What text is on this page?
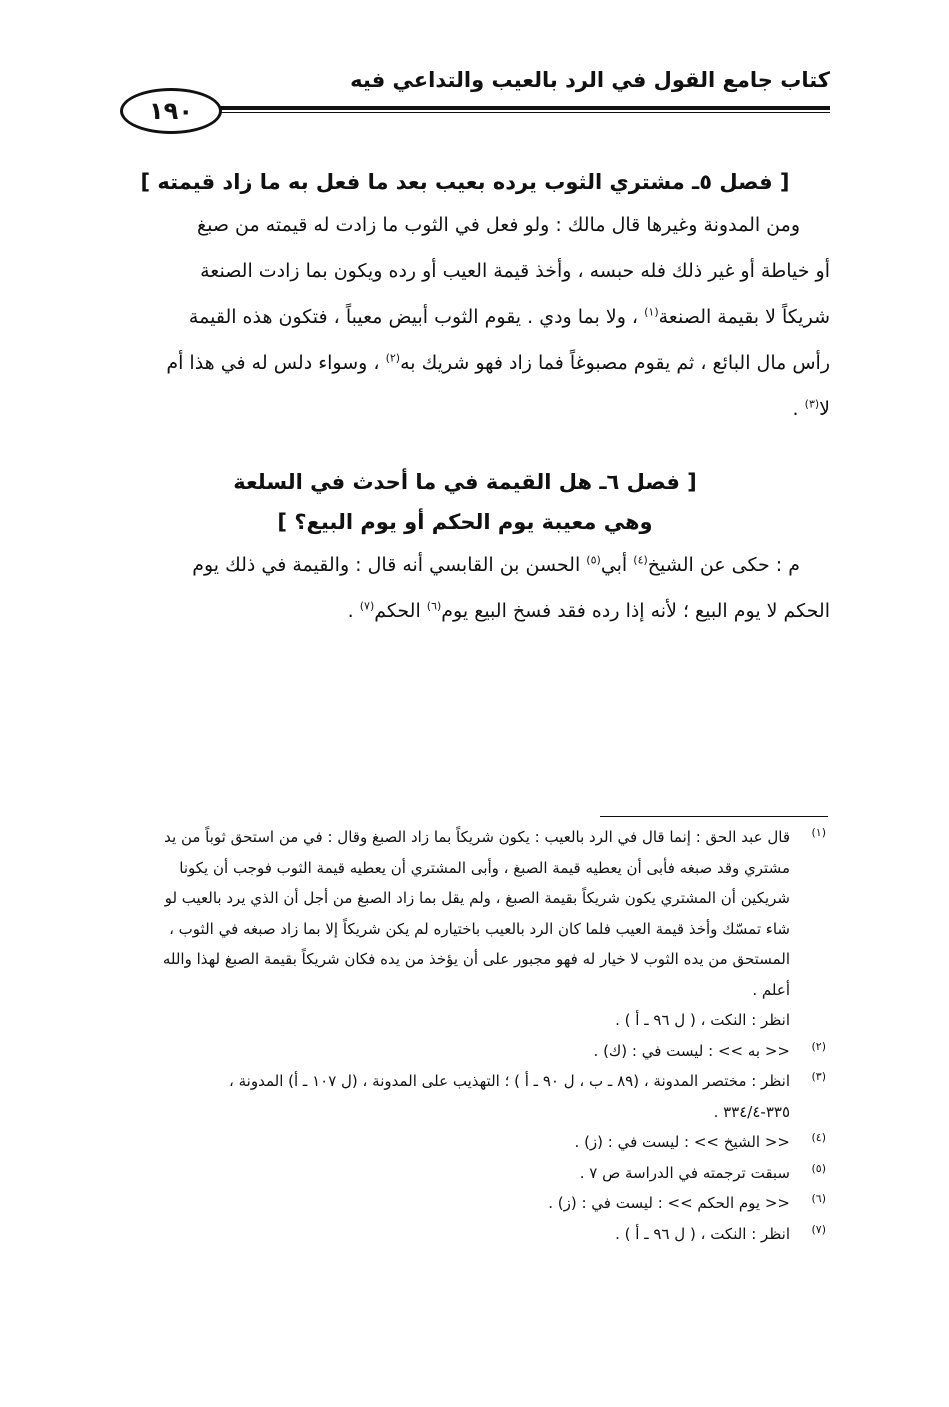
كتاب جامع القول في الرد بالعيب والتداعي فيه
١٩٠
[ فصل ٥ـ مشتري الثوب يرده بعيب بعد ما فعل به ما زاد قيمته ]
ومن المدونة وغيرها قال مالك : ولو فعل في الثوب ما زادت له قيمته من صبغ
أو خياطة أو غير ذلك فله حبسه ، وأخذ قيمة العيب أو رده ويكون بما زادت الصنعة
شريكاً لا بقيمة الصنعة$^{(١)}$ ، ولا بما ودي . يقوم الثوب أبيض معيباً ، فتكون هذه القيمة
رأس مال البائع ، ثم يقوم مصبوغاً فما زاد فهو شريك به$^{(٢)}$ ، وسواء دلس له في هذا أم
لا$^{(٣)}$ .
[ فصل ٦ـ هل القيمة في ما أحدث في السلعة
وهي معيبة يوم الحكم أو يوم البيع؟ ]
م : حكى عن الشيخ$^{(٤)}$ أبي$^{(٥)}$ الحسن بن القابسي أنه قال : والقيمة في ذلك يوم
الحكم لا يوم البيع ؛ لأنه إذا رده فقد فسخ البيع يوم$^{(٦)}$ الحكم$^{(٧)}$ .
(١)
قال عبد الحق : إنما قال في الرد بالعيب : يكون شريكاً بما زاد الصبغ وقال : في من استحق ثوباً من يد
مشتري وقد صبغه فأبى أن يعطيه قيمة الصبغ ، وأبى المشتري أن يعطيه قيمة الثوب فوجب أن يكونا
شريكين أن المشتري يكون شريكاً بقيمة الصبغ ، ولم يقل بما زاد الصبغ من أجل أن الذي يرد بالعيب لو
شاء تمسّك وأخذ قيمة العيب فلما كان الرد بالعيب باختياره لم يكن شريكاً إلا بما زاد صبغه في الثوب ،
المستحق من يده الثوب لا خيار له فهو مجبور على أن يؤخذ من يده فكان شريكاً بقيمة الصبغ لهذا والله
أعلم .
انظر : النكت ، ( ل ٩٦ ـ أ ) .
(٢)
<< به >> : ليست في : (ك) .
(٣)
انظر : مختصر المدونة ، (٨٩ ـ ب ، ل ٩٠ ـ أ ) ؛ التهذيب على المدونة ، (ل ١٠٧ ـ أ) المدونة ،
٣٣٥-٣٣٤/٤ .
(٤)
<< الشيخ >> : ليست في : (ز) .
(٥)
سبقت ترجمته في الدراسة ص ٧ .
(٦)
<< يوم الحكم >> : ليست في : (ز) .
(٧)
انظر : النكت ، ( ل ٩٦ ـ أ ) .
